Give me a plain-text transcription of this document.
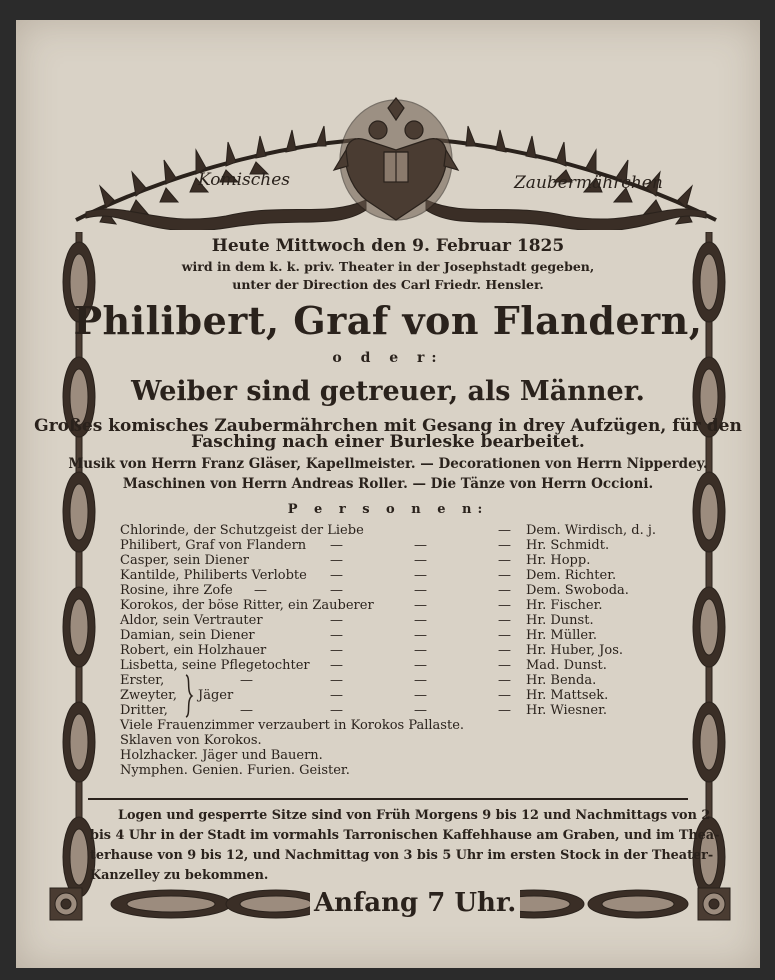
Komisches	Zaubermährchen
Heute Mittwoch den 9. Februar 1825
wird in dem k. k. priv. Theater in der Josephstadt gegeben,
unter der Direction des Carl Friedr. Hensler.
Philibert, Graf von Flandern,
o d e r:
Weiber sind getreuer, als Männer.
Großes komisches Zaubermährchen mit Gesang in drey Aufzügen, für den
Fasching nach einer Burleske bearbeitet.
Musik von Herrn Franz Gläser, Kapellmeister. — Decorationen von Herrn Nipperdey.
Maschinen von Herrn Andreas Roller. — Die Tänze von Herrn Occioni.
P e r s o n e n:
Chlorinde, der Schutzgeist der Liebe	— Dem. Wirdisch, d. j.
Philibert, Graf von Flandern —	—	— Hr. Schmidt.
Casper, sein Diener	—	—	— Hr. Hopp.
Kantilde, Philiberts Verlobte —	—	— Dem. Richter.
Rosine, ihre Zofe —	—	—	— Dem. Swoboda.
Korokos, der böse Ritter, ein Zauberer	—	— Hr. Fischer.
Aldor, sein Vertrauter	—	—	— Hr. Dunst.
Damian, sein Diener	—	—	— Hr. Müller.
Robert, ein Holzhauer	—	—	— Hr. Huber, Jos.
Lisbetta, seine Pflegetochter —	—	— Mad. Dunst.
Erster,	—	—	—	— Hr. Benda.
Zweyter, Jäger	—	—	— Hr. Mattsek.
Dritter,	—	—	—	— Hr. Wiesner.
Viele Frauenzimmer verzaubert in Korokos Pallaste.
Sklaven von Korokos.
Holzhacker. Jäger und Bauern.
Nymphen. Genien. Furien. Geister.
Logen und gesperrte Sitze sind von Früh Morgens 9 bis 12 und Nachmittags von 2
bis 4 Uhr in der Stadt im vormahls Tarronischen Kaffehhause am Graben, und im Thea-
terhause von 9 bis 12, und Nachmittag von 3 bis 5 Uhr im ersten Stock in der Theater-
Kanzelley zu bekommen.
Anfang 7 Uhr.
